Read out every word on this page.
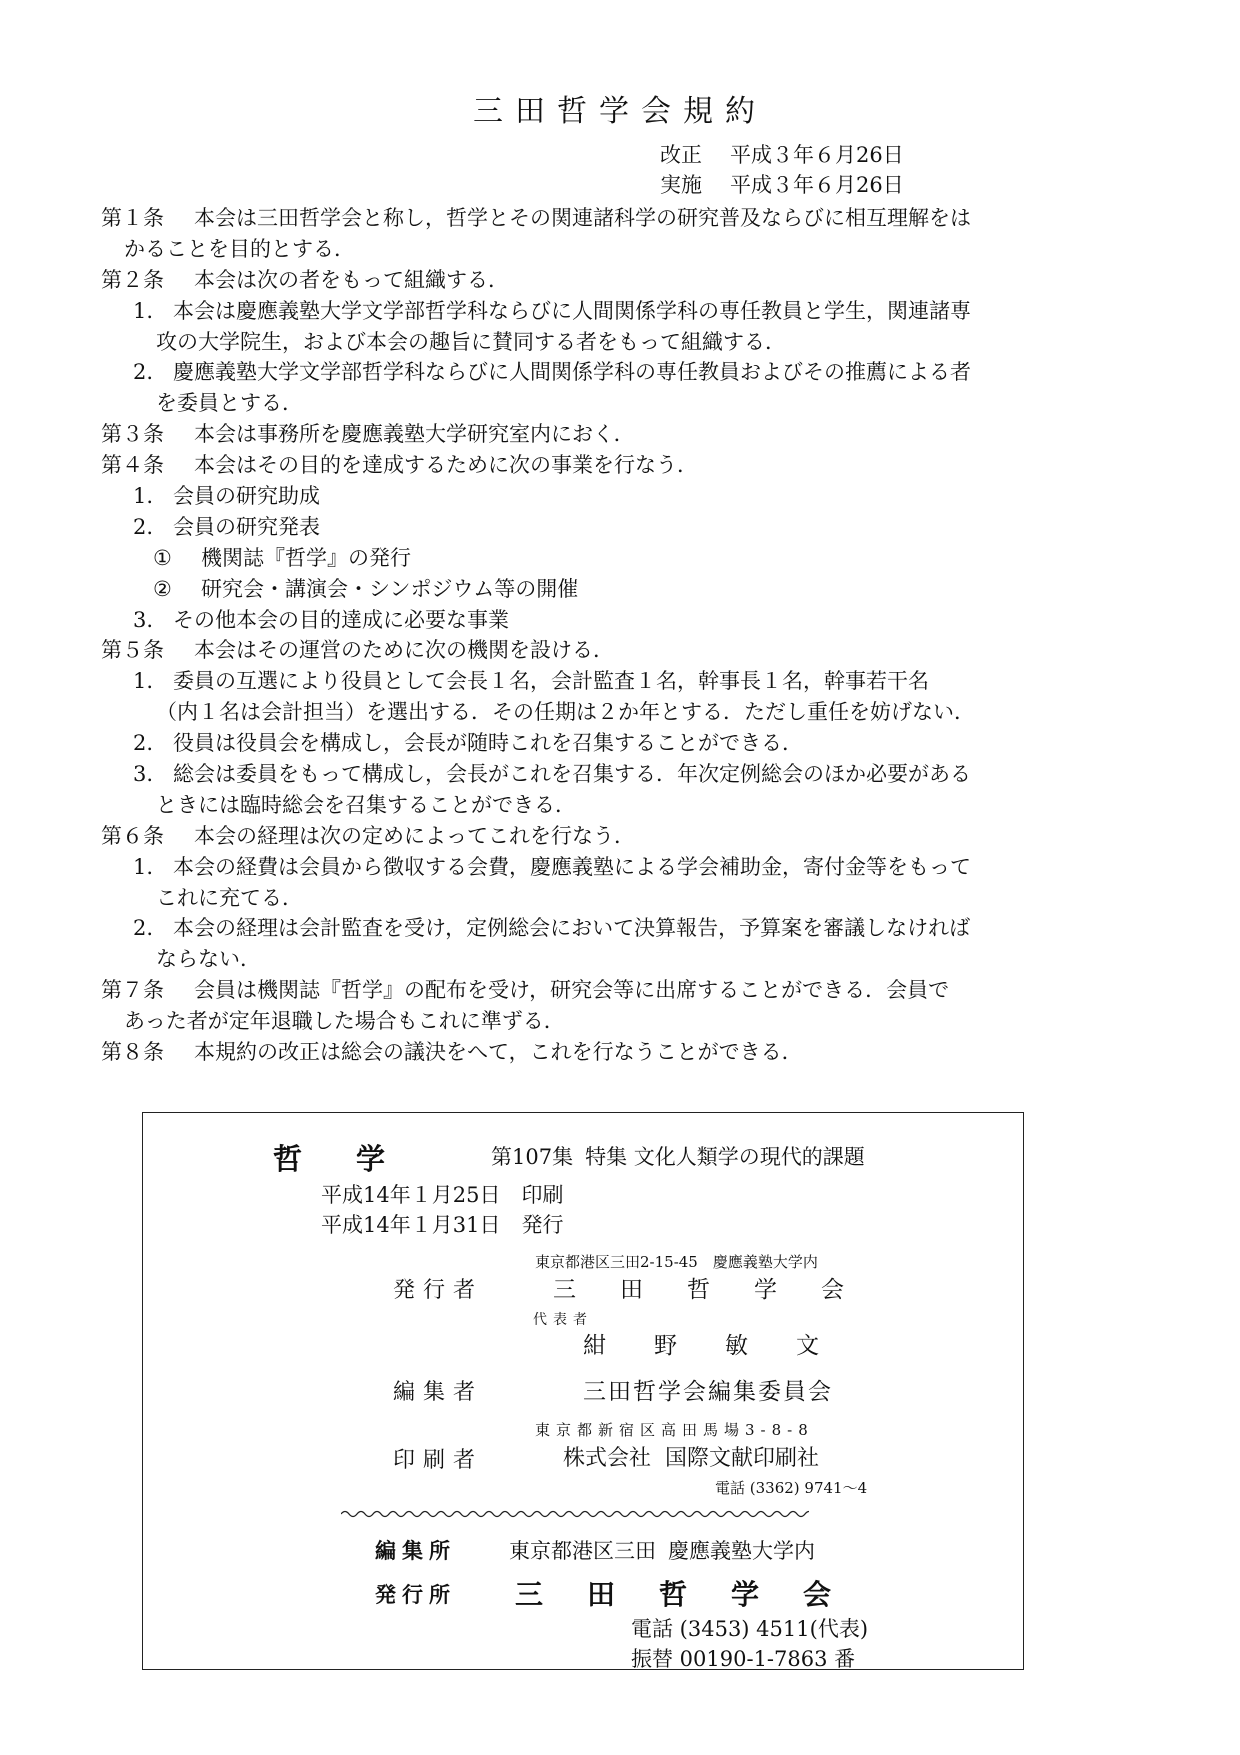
三田哲学会規約
改正 平成３年６月26日
実施 平成３年６月26日
第１条 本会は三田哲学会と称し，哲学とその関連諸科学の研究普及ならびに相互理解をは
かることを目的とする．
第２条 本会は次の者をもって組織する．
1. 本会は慶應義塾大学文学部哲学科ならびに人間関係学科の専任教員と学生，関連諸専
攻の大学院生，および本会の趣旨に賛同する者をもって組織する．
2. 慶應義塾大学文学部哲学科ならびに人間関係学科の専任教員およびその推薦による者
を委員とする．
第３条 本会は事務所を慶應義塾大学研究室内におく．
第４条 本会はその目的を達成するために次の事業を行なう．
1. 会員の研究助成
2. 会員の研究発表
① 機関誌『哲学』の発行
② 研究会・講演会・シンポジウム等の開催
3. その他本会の目的達成に必要な事業
第５条 本会はその運営のために次の機関を設ける．
1. 委員の互選により役員として会長１名，会計監査１名，幹事長１名，幹事若干名
（内１名は会計担当）を選出する．その任期は２か年とする．ただし重任を妨げない．
2. 役員は役員会を構成し，会長が随時これを召集することができる．
3. 総会は委員をもって構成し，会長がこれを召集する．年次定例総会のほか必要がある
ときには臨時総会を召集することができる．
第６条 本会の経理は次の定めによってこれを行なう．
1. 本会の経費は会員から徴収する会費，慶應義塾による学会補助金，寄付金等をもって
これに充てる．
2. 本会の経理は会計監査を受け，定例総会において決算報告，予算案を審議しなければ
ならない．
第７条 会員は機関誌『哲学』の配布を受け，研究会等に出席することができる．会員で
あった者が定年退職した場合もこれに準ずる．
第８条 本規約の改正は総会の議決をへて，これを行なうことができる．
哲学 第107集 特集 文化人類学の現代的課題
平成14年１月25日　印刷
平成14年１月31日　発行
東京都港区三田2-15-45　慶應義塾大学内
発行者	三田哲学会
代表者
紺野敏文
編集者	三田哲学会編集委員会
東京都新宿区高田馬場3-8-8
印刷者	株式会社 国際文献印刷社
電話 (3362) 9741〜4
編集所	東京都港区三田 慶應義塾大学内
発行所 三田哲学会
電話 (3453) 4511(代表)
振替 00190-1-7863 番
